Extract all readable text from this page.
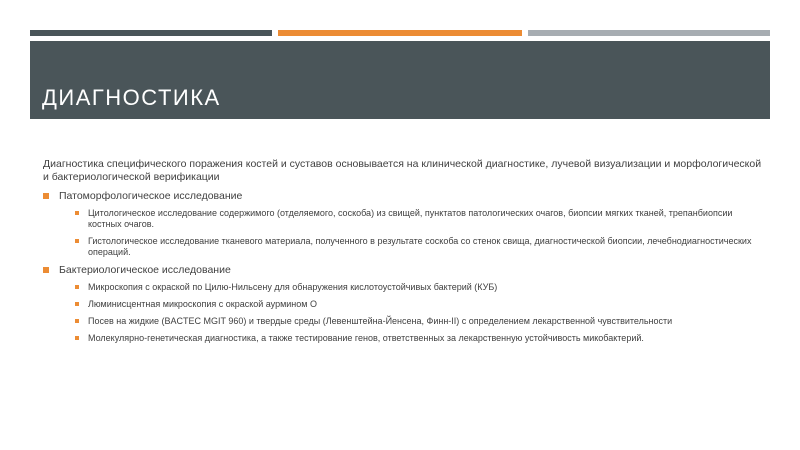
ДИАГНОСТИКА

Диагностика специфического поражения костей и суставов основывается на клинической диагностике, лучевой визуализации и морфологической и бактериологической верификации

Патоморфологическое исследование
Цитологическое исследование содержимого (отделяемого, соскоба) из свищей, пунктатов патологических очагов, биопсии мягких тканей, трепанбиопсии костных очагов.
Гистологическое исследование тканевого материала, полученного в результате соскоба со стенок свища, диагностической биопсии, лечебнодиагностических операций.
Бактериологическое исследование
Микроскопия с окраской по Цилю-Нильсену для обнаружения кислотоустойчивых бактерий (КУБ)
Люминисцентная микроскопия с окраской аурмином О
Посев на жидкие (BACTEC MGIT 960) и твердые среды (Левенштейна-Йенсена, Финн-II) с определением лекарственной чувствительности
Молекулярно-генетическая диагностика, а также тестирование генов, ответственных за лекарственную устойчивость микобактерий.
